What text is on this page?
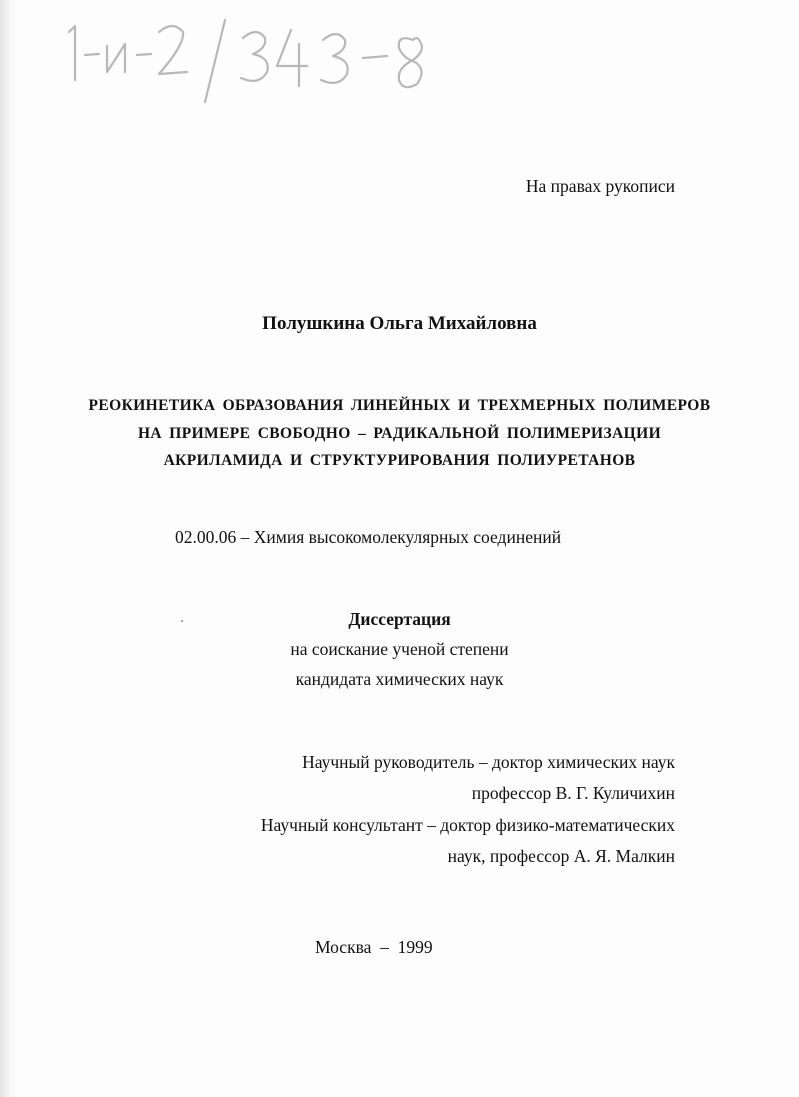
На правах рукописи
Полушкина Ольга Михайловна
РЕОКИНЕТИКА ОБРАЗОВАНИЯ ЛИНЕЙНЫХ И ТРЕХМЕРНЫХ ПОЛИМЕРОВ
НА ПРИМЕРЕ СВОБОДНО – РАДИКАЛЬНОЙ ПОЛИМЕРИЗАЦИИ
АКРИЛАМИДА И СТРУКТУРИРОВАНИЯ ПОЛИУРЕТАНОВ
02.00.06 – Химия высокомолекулярных соединений
Диссертация
на соискание ученой степени
кандидата химических наук
Научный руководитель – доктор химических наук
профессор В. Г. Куличихин
Научный консультант – доктор физико-математических
наук, профессор А. Я. Малкин
Москва  –  1999
